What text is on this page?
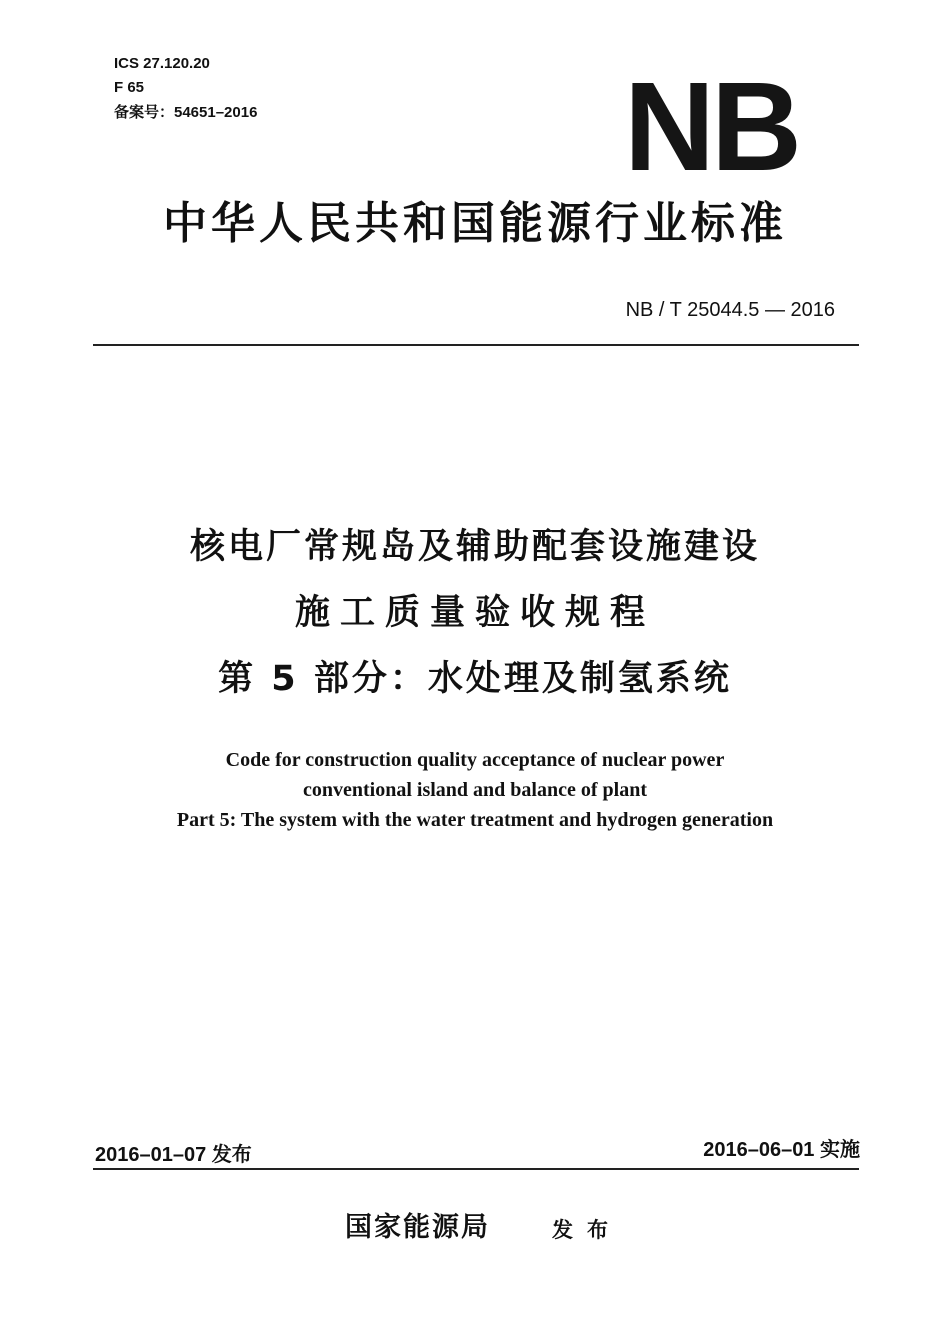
ICS 27.120.20
F 65
备案号：54651–2016	NB
中华人民共和国能源行业标准
NB / T 25044.5 — 2016
核电厂常规岛及辅助配套设施建设
施工质量验收规程
第 5 部分：水处理及制氢系统
Code for construction quality acceptance of nuclear power
conventional island and balance of plant
Part 5: The system with the water treatment and hydrogen generation
2016–01–07 发布	2016–06–01 实施
国家能源局	发布
